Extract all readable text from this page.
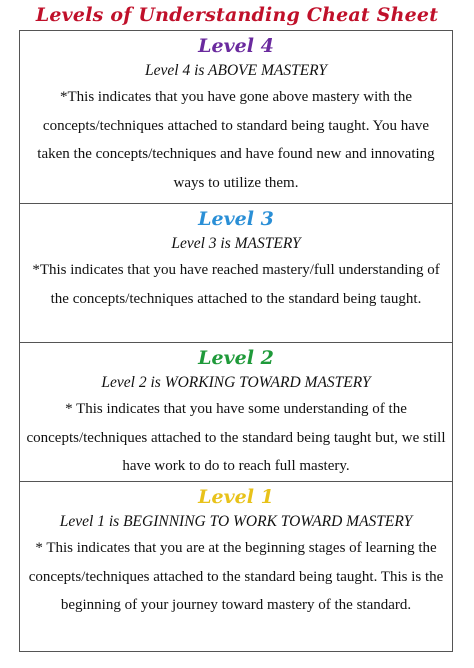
Levels of Understanding Cheat Sheet
Level 4
Level 4 is ABOVE MASTERY
*This indicates that you have gone above mastery with the concepts/techniques attached to standard being taught. You have taken the concepts/techniques and have found new and innovating ways to utilize them.
Level 3
Level 3 is MASTERY
*This indicates that you have reached mastery/full understanding of the concepts/techniques attached to the standard being taught.
Level 2
Level 2 is WORKING TOWARD MASTERY
* This indicates that you have some understanding of the concepts/techniques attached to the standard being taught but, we still have work to do to reach full mastery.
Level 1
Level 1 is BEGINNING TO WORK TOWARD MASTERY
* This indicates that you are at the beginning stages of learning the concepts/techniques attached to the standard being taught. This is the beginning of your journey toward mastery of the standard.
